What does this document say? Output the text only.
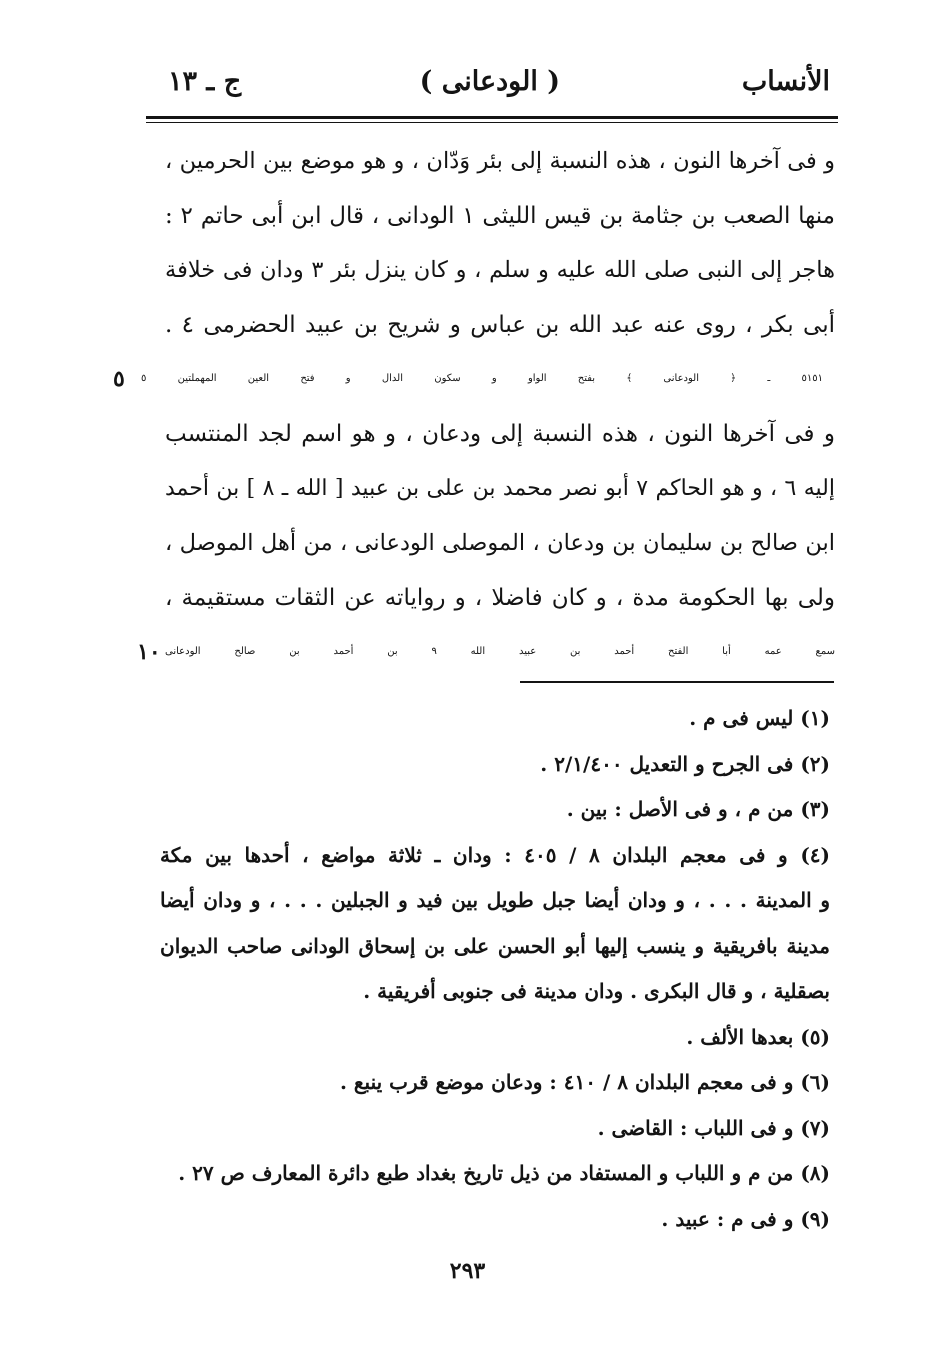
الأنساب
( الودعانى )
ج ـ ١٣
و فى آخرها النون ، هذه النسبة إلى بئر وَدّان ، و هو موضع بين الحرمين ،
منها الصعب بن جثامة بن قيس الليثى ١ الودانى ، قال ابن أبى حاتم ٢ :
هاجر إلى النبى صلى الله عليه و سلم ، و كان ينزل بئر ٣ ودان فى خلافة
أبى بكر ، روى عنه عبد الله بن عباس و شريح بن عبيد الحضرمى ٤ .
٥١٥١ ـ ﴿ الودعانى ﴾ بفتح الواو و سكون الدال و فتح العين المهملتين ٥
٥
و فى آخرها النون ، هذه النسبة إلى ودعان ، و هو اسم لجد المنتسب
إليه ٦ ، و هو الحاكم ٧ أبو نصر محمد بن على بن عبيد [ الله ـ ٨ ] بن أحمد
ابن صالح بن سليمان بن ودعان ، الموصلى الودعانى ، من أهل الموصل ،
ولى بها الحكومة مدة ، و كان فاضلا ، و رواياته عن الثقات مستقيمة ،
سمع عمه أبا الفتح أحمد بن عبيد الله ٩ بن أحمد بن صالح الودعانى
١٠
(١) ليس فى م .
(٢) فى الجرح و التعديل ٢/١/٤٠٠ .
(٣) من م ، و فى الأصل : بين .
(٤) و فى معجم البلدان ٨ / ٤٠٥ : ودان ـ ثلاثة مواضع ، أحدها بين مكة
و المدينة . . . ، و ودان أيضا جبل طويل بين فيد و الجبلين . . . ، و ودان أيضا
مدينة بافريقية و ينسب إليها أبو الحسن على بن إسحاق الودانى صاحب الديوان
بصقلية ، و قال البكرى . ودان مدينة فى جنوبى أفريقية .
(٥) بعدها الألف .
(٦) و فى معجم البلدان ٨ / ٤١٠ : ودعان موضع قرب ينبع .
(٧) و فى اللباب : القاضى .
(٨) من م و اللباب و المستفاد من ذيل تاريخ بغداد طبع دائرة المعارف ص ٢٧ .
(٩) و فى م : عبيد .
٢٩٣
